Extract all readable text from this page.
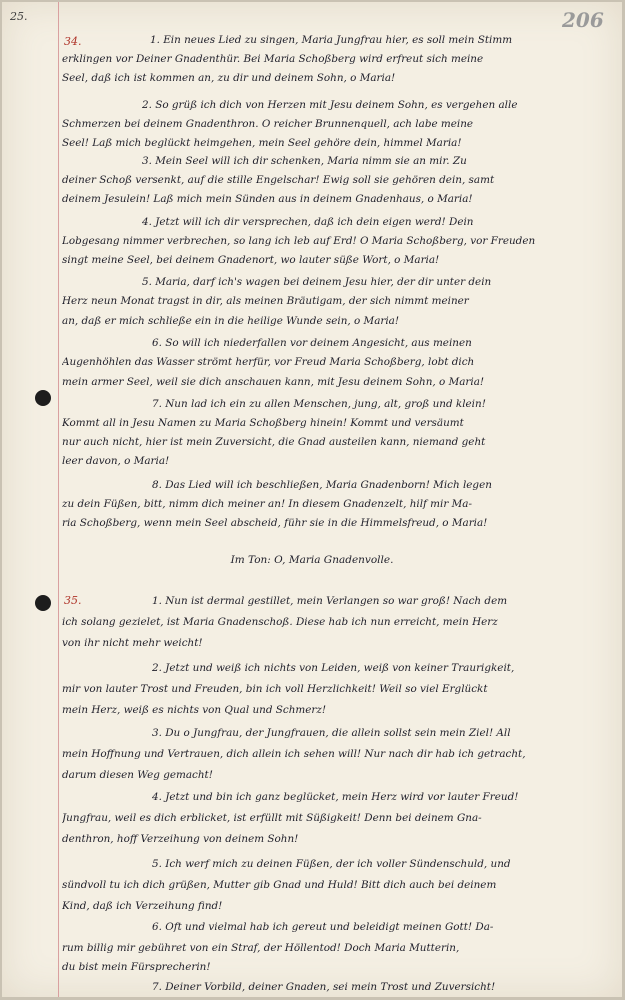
25.	206
34.	1. Ein neues Lied zu singen, Maria Jungfrau hier, es soll mein Stimm
erklingen vor Deiner Gnadenthür. Bei Maria Schoßberg wird erfreut sich meine
Seel, daß ich ist kommen an, zu dir und deinem Sohn, o Maria!
2. So grüß ich dich von Herzen mit Jesu deinem Sohn, es vergehen alle
Schmerzen bei deinem Gnadenthron. O reicher Brunnenquell, ach labe meine
Seel! Laß mich beglückt heimgehen, mein Seel gehöre dein, himmel Maria!
3. Mein Seel will ich dir schenken, Maria nimm sie an mir. Zu
deiner Schoß versenkt, auf die stille Engelschar! Ewig soll sie gehören dein, samt
deinem Jesulein! Laß mich mein Sünden aus in deinem Gnadenhaus, o Maria!
4. Jetzt will ich dir versprechen, daß ich dein eigen werd! Dein
Lobgesang nimmer verbrechen, so lang ich leb auf Erd! O Maria Schoßberg, vor Freuden
singt meine Seel, bei deinem Gnadenort, wo lauter süße Wort, o Maria!
5. Maria, darf ich's wagen bei deinem Jesu hier, der dir unter dein
Herz neun Monat tragst in dir, als meinen Bräutigam, der sich nimmt meiner
an, daß er mich schließe ein in die heilige Wunde sein, o Maria!
6. So will ich niederfallen vor deinem Angesicht, aus meinen
Augenhöhlen das Wasser strömt herfür, vor Freud Maria Schoßberg, lobt dich
mein armer Seel, weil sie dich anschauen kann, mit Jesu deinem Sohn, o Maria!
7. Nun lad ich ein zu allen Menschen, jung, alt, groß und klein!
Kommt all in Jesu Namen zu Maria Schoßberg hinein! Kommt und versäumt
nur auch nicht, hier ist mein Zuversicht, die Gnad austeilen kann, niemand geht
leer davon, o Maria!
8. Das Lied will ich beschließen, Maria Gnadenborn! Mich legen
zu dein Füßen, bitt, nimm dich meiner an! In diesem Gnadenzelt, hilf mir Ma-
ria Schoßberg, wenn mein Seel abscheid, führ sie in die Himmelsfreud, o Maria!
Im Ton: O, Maria Gnadenvolle.
35.	1. Nun ist dermal gestillet, mein Verlangen so war groß! Nach dem
ich solang gezielet, ist Maria Gnadenschoß. Diese hab ich nun erreicht, mein Herz
von ihr nicht mehr weicht!
2. Jetzt und weiß ich nichts von Leiden, weiß von keiner Traurigkeit,
mir von lauter Trost und Freuden, bin ich voll Herzlichkeit! Weil so viel Erglückt
mein Herz, weiß es nichts von Qual und Schmerz!
3. Du o Jungfrau, der Jungfrauen, die allein sollst sein mein Ziel! All
mein Hoffnung und Vertrauen, dich allein ich sehen will! Nur nach dir hab ich getracht,
darum diesen Weg gemacht!
4. Jetzt und bin ich ganz beglücket, mein Herz wird vor lauter Freud!
Jungfrau, weil es dich erblicket, ist erfüllt mit Süßigkeit! Denn bei deinem Gna-
denthron, hoff Verzeihung von deinem Sohn!
5. Ich werf mich zu deinen Füßen, der ich voller Sündenschuld, und
sündvoll tu ich dich grüßen, Mutter gib Gnad und Huld! Bitt dich auch bei deinem
Kind, daß ich Verzeihung find!
6. Oft und vielmal hab ich gereut und beleidigt meinen Gott! Da-
rum billig mir gebühret von ein Straf, der Höllentod! Doch Maria Mutterin,
du bist mein Fürsprecherin!
7. Deiner Vorbild, deiner Gnaden, sei mein Trost und Zuversicht!
